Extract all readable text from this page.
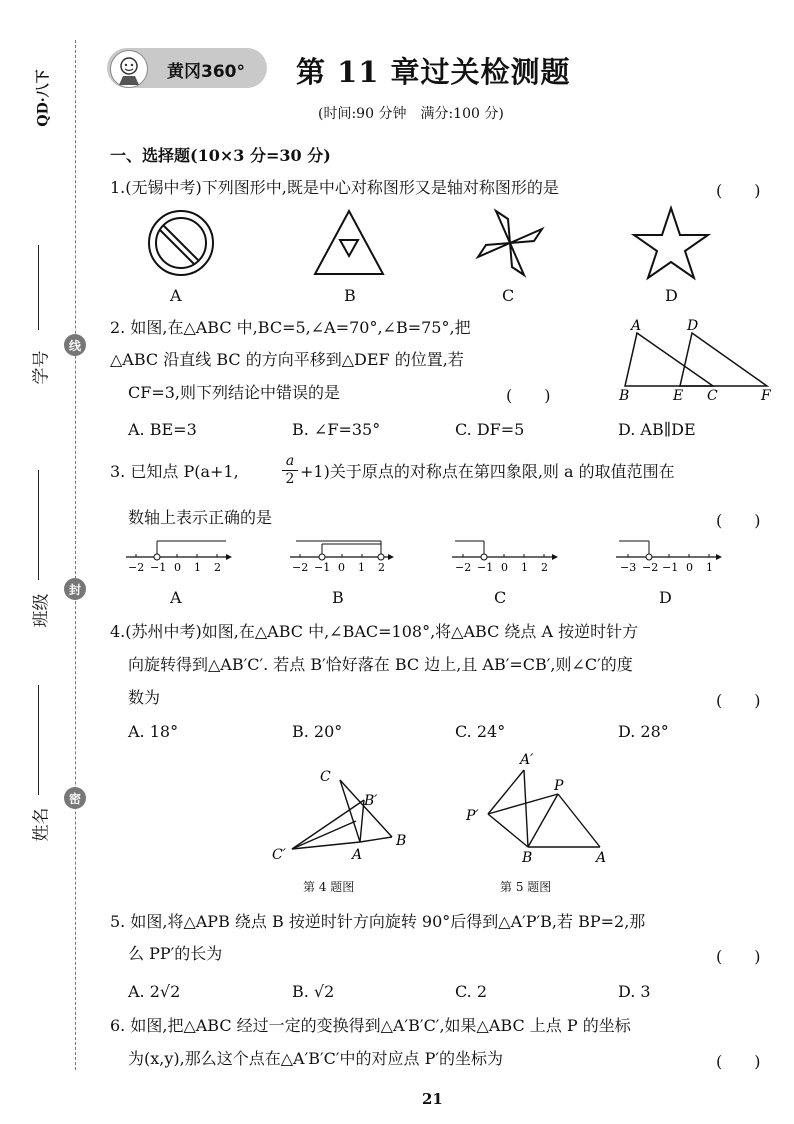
QD·八下
线
封
密
学号
班级
姓名
黄冈360° 第 11 章过关检测题
(时间:90 分钟　满分:100 分)
一、选择题(10×3 分=30 分)
1.(无锡中考)下列图形中,既是中心对称图形又是轴对称图形的是	(　　)
A	B	C	D
2. 如图,在△ABC 中,BC=5,∠A=70°,∠B=75°,把
△ABC 沿直线 BC 的方向平移到△DEF 的位置,若
CF=3,则下列结论中错误的是	(　　)
A. BE=3	B. ∠F=35°	C. DF=5	D. AB∥DE
A	D
B	E C	F
3. 已知点 P(a+1,	$\frac{a}{2} +1$)关于原点的对称点在第四象限,则 a 的取值范围在
数轴上表示正确的是	(　　)
−2 −1 0 1 2	−2 −1 0 1 2	−2 −1 0 1 2	−3 −2 −1 0 1
A	B	C	D
4.(苏州中考)如图,在△ABC 中,∠BAC=108°,将△ABC 绕点 A 按逆时针方
向旋转得到△AB′C′. 若点 B′恰好落在 BC 边上,且 AB′=CB′,则∠C′的度
数为	(　　)
A. 18°	B. 20°	C. 24°	D. 28°
C
B′
C′	A
B
第 4 题图
A′
P
P′
B	A
第 5 题图
5. 如图,将△APB 绕点 B 按逆时针方向旋转 90°后得到△A′P′B,若 BP=2,那
么 PP′的长为	(　　)
A. 2√2	B. √2	C. 2	D. 3
6. 如图,把△ABC 经过一定的变换得到△A′B′C′,如果△ABC 上点 P 的坐标
为(x,y),那么这个点在△A′B′C′中的对应点 P′的坐标为	(　　)
21
